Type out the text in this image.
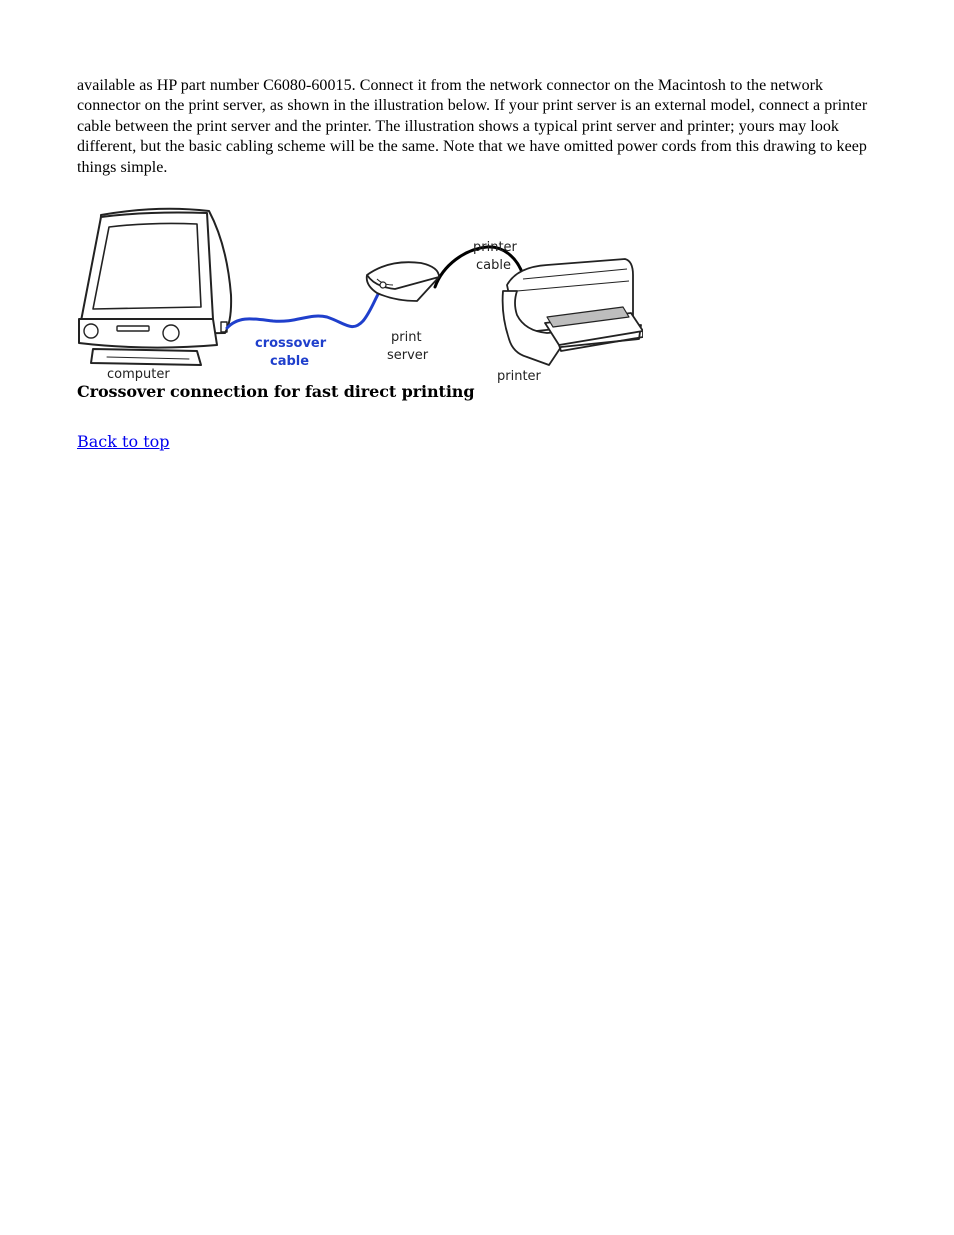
available as HP part number C6080-60015. Connect it from the network connector on the Macintosh to the network connector on the print server, as shown in the illustration below. If your print server is an external model, connect a printer cable between the print server and the printer. The illustration shows a typical print server and printer; yours may look different, but the basic cabling scheme will be the same. Note that we have omitted power cords from this drawing to keep things simple.

computer
crossover
cable
print
server
printer
cable
printer

Crossover connection for fast direct printing

Back to top
